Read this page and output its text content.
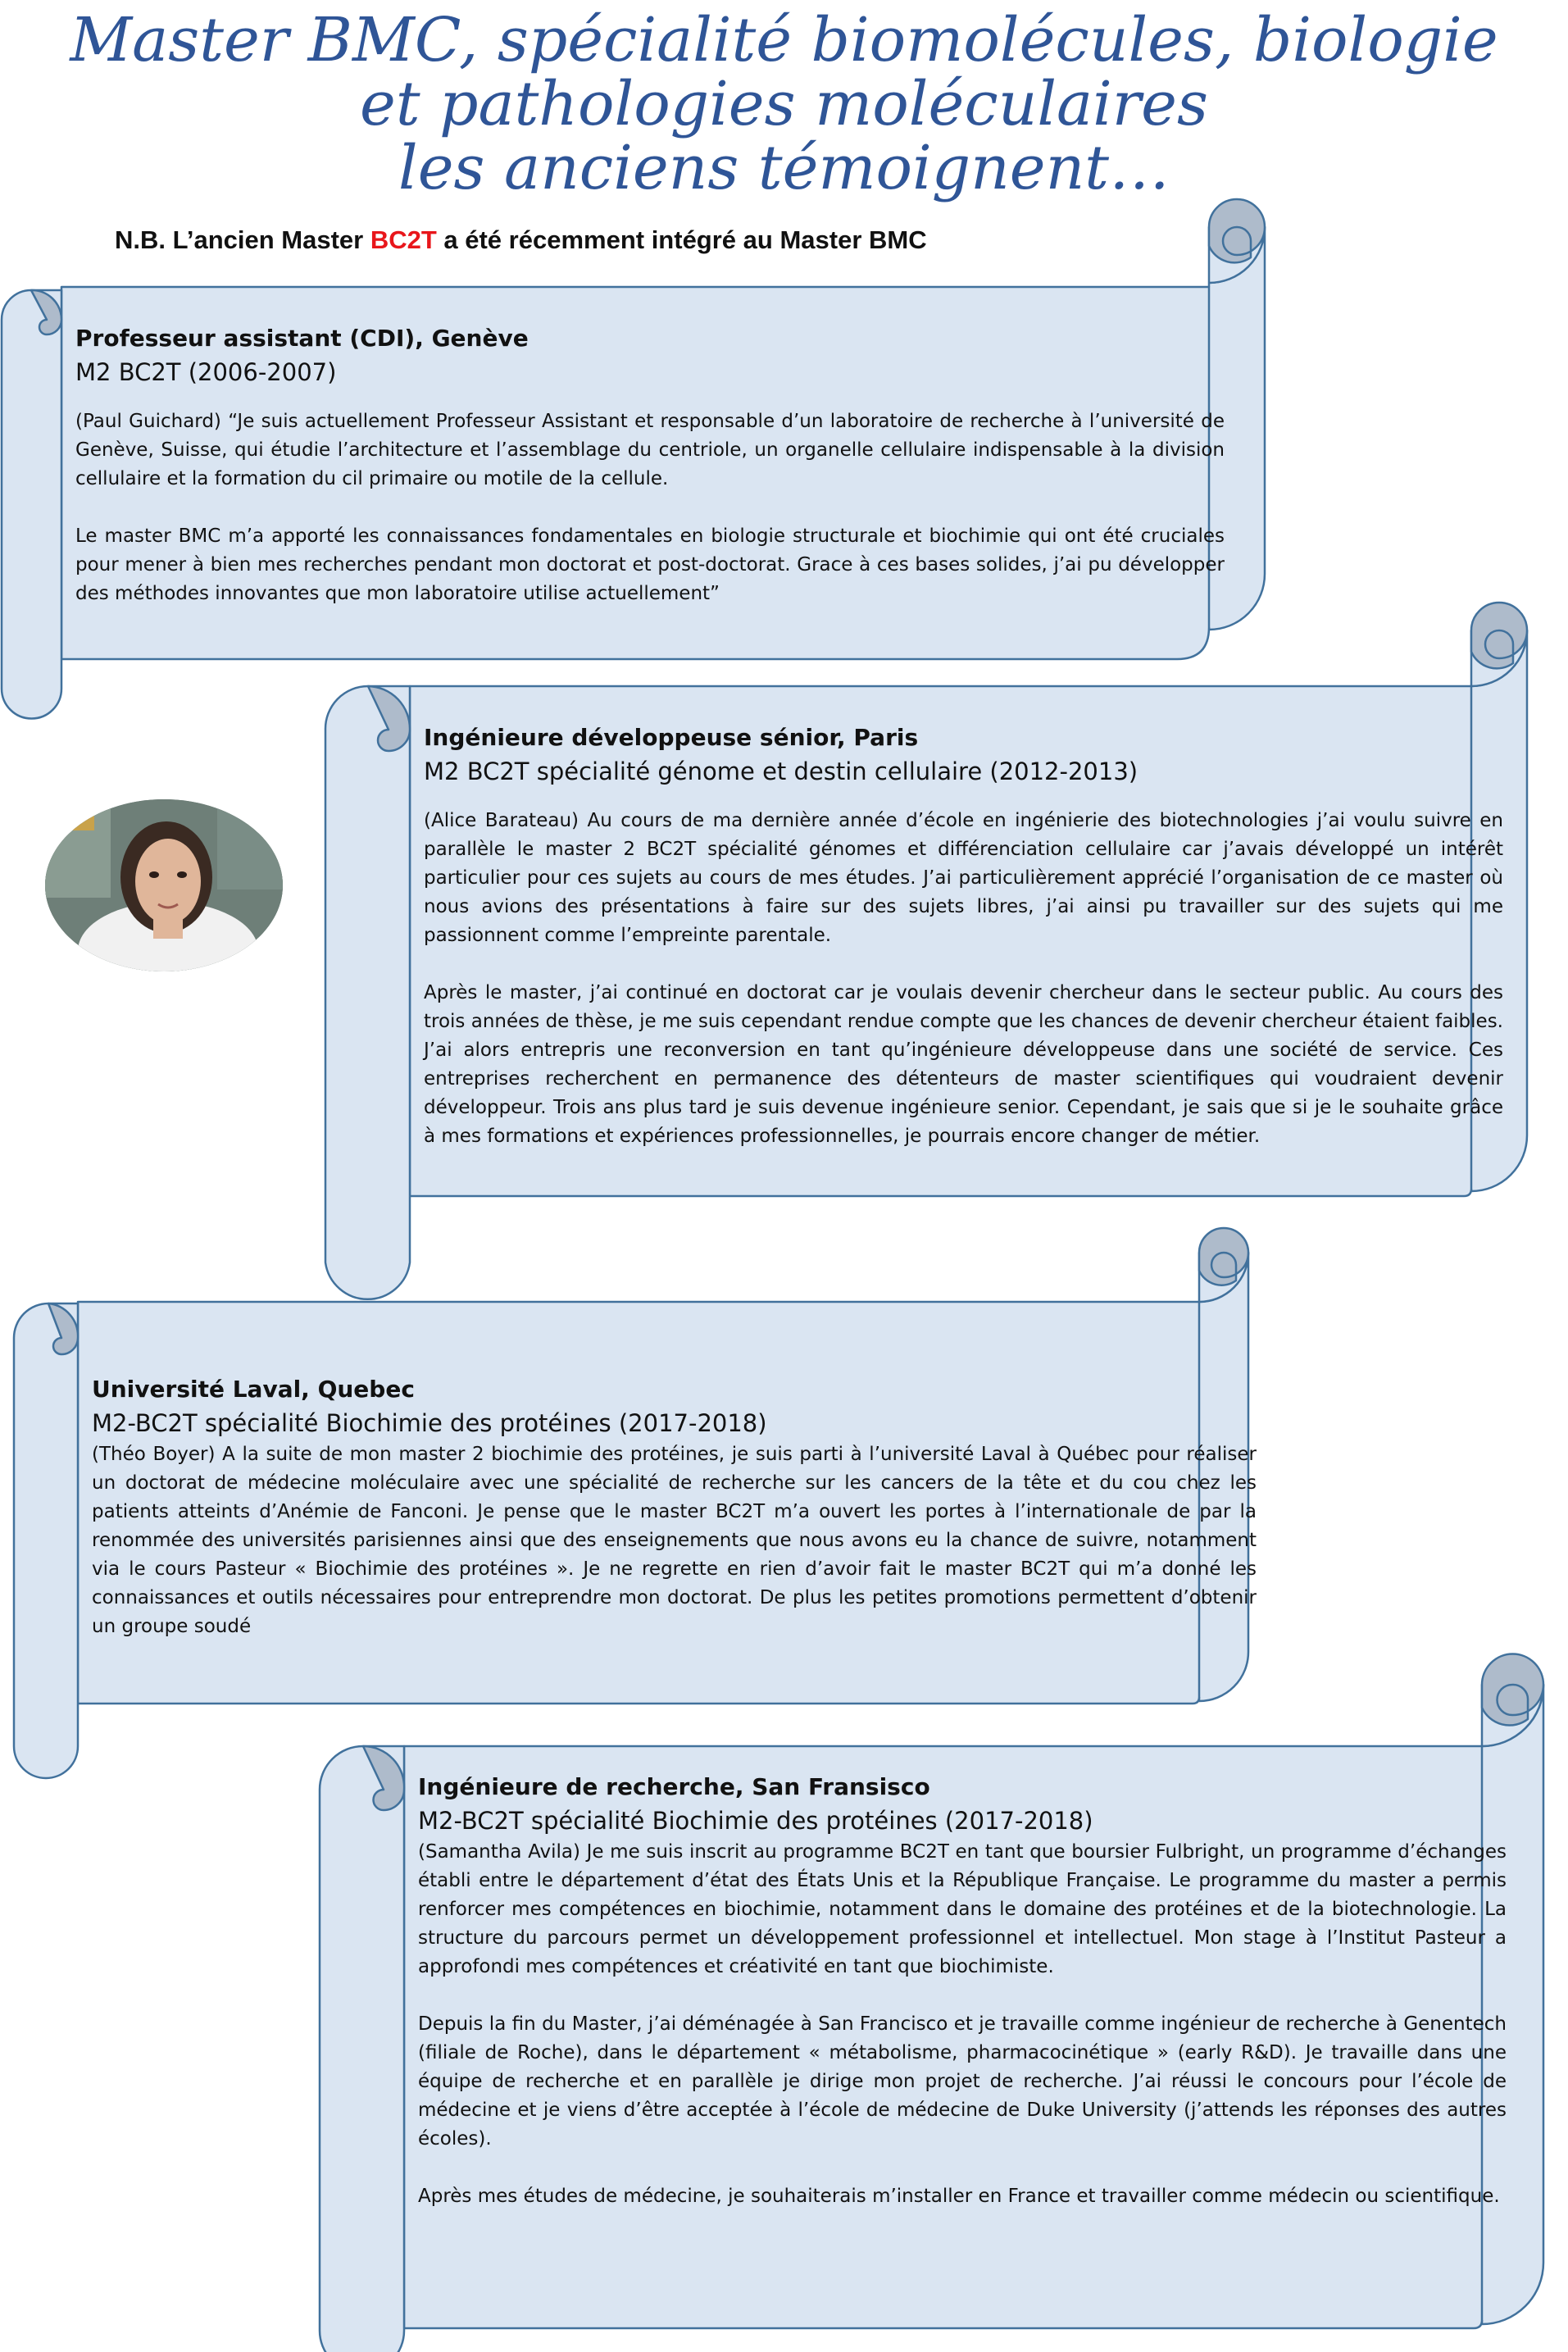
Master BMC, spécialité biomolécules, biologie
et pathologies moléculaires
les anciens témoignent…

N.B. L’ancien Master BC2T a été récemment intégré au Master BMC

Professeur assistant (CDI), Genève
M2 BC2T (2006-2007)

(Paul Guichard) “Je suis actuellement Professeur Assistant et responsable d’un laboratoire de recherche à l’université de Genève, Suisse, qui étudie l’architecture et l’assemblage du centriole, un organelle cellulaire indispensable à la division cellulaire et la formation du cil primaire ou motile de la cellule.

Le master BMC m’a apporté les connaissances fondamentales en biologie structurale et biochimie qui ont été cruciales pour mener à bien mes recherches pendant mon doctorat et post-doctorat. Grace à ces bases solides, j’ai pu développer des méthodes innovantes que mon laboratoire utilise actuellement”

Ingénieure développeuse sénior, Paris
M2 BC2T spécialité génome et destin cellulaire (2012-2013)

(Alice Barateau) Au cours de ma dernière année d’école en ingénierie des biotechnologies j’ai voulu suivre en parallèle le master 2 BC2T spécialité génomes et différenciation cellulaire car j’avais développé un intérêt particulier pour ces sujets au cours de mes études. J’ai particulièrement apprécié l’organisation de ce master où nous avions des présentations à faire sur des sujets libres, j’ai ainsi pu travailler sur des sujets qui me passionnent comme l’empreinte parentale.

Après le master, j’ai continué en doctorat car je voulais devenir chercheur dans le secteur public. Au cours des trois années de thèse, je me suis cependant rendue compte que les chances de devenir chercheur étaient faibles. J’ai alors entrepris une reconversion en tant qu’ingénieure développeuse dans une société de service. Ces entreprises recherchent en permanence des détenteurs de master scientifiques qui voudraient devenir développeur. Trois ans plus tard je suis devenue ingénieure senior. Cependant, je sais que si je le souhaite grâce à mes formations et expériences professionnelles, je pourrais encore changer de métier.

Université Laval, Quebec
M2-BC2T spécialité Biochimie des protéines (2017-2018)

(Théo Boyer) A la suite de mon master 2 biochimie des protéines, je suis parti à l’université Laval à Québec pour réaliser un doctorat de médecine moléculaire avec une spécialité de recherche sur les cancers de la tête et du cou chez les patients atteints d’Anémie de Fanconi. Je pense que le master BC2T m’a ouvert les portes à l’internationale de par la renommée des universités parisiennes ainsi que des enseignements que nous avons eu la chance de suivre, notamment via le cours Pasteur « Biochimie des protéines ». Je ne regrette en rien d’avoir fait le master BC2T qui m’a donné les connaissances et outils nécessaires pour entreprendre mon doctorat. De plus les petites promotions permettent d’obtenir un groupe soudé

Ingénieure de recherche, San Fransisco
M2-BC2T spécialité Biochimie des protéines (2017-2018)

(Samantha Avila) Je me suis inscrit au programme BC2T en tant que boursier Fulbright, un programme d’échanges établi entre le département d’état des États Unis et la République Française. Le programme du master a permis renforcer mes compétences en biochimie, notamment dans le domaine des protéines et de la biotechnologie. La structure du parcours permet un développement professionnel et intellectuel. Mon stage à l’Institut Pasteur a approfondi mes compétences et créativité en tant que biochimiste.

Depuis la fin du Master, j’ai déménagée à San Francisco et je travaille comme ingénieur de recherche à Genentech (filiale de Roche), dans le département « métabolisme, pharmacocinétique » (early R&D). Je travaille dans une équipe de recherche et en parallèle je dirige mon projet de recherche. J’ai réussi le concours pour l’école de médecine et je viens d’être acceptée à l’école de médecine de Duke University (j’attends les réponses des autres écoles).

Après mes études de médecine, je souhaiterais m’installer en France et travailler comme médecin ou scientifique.
